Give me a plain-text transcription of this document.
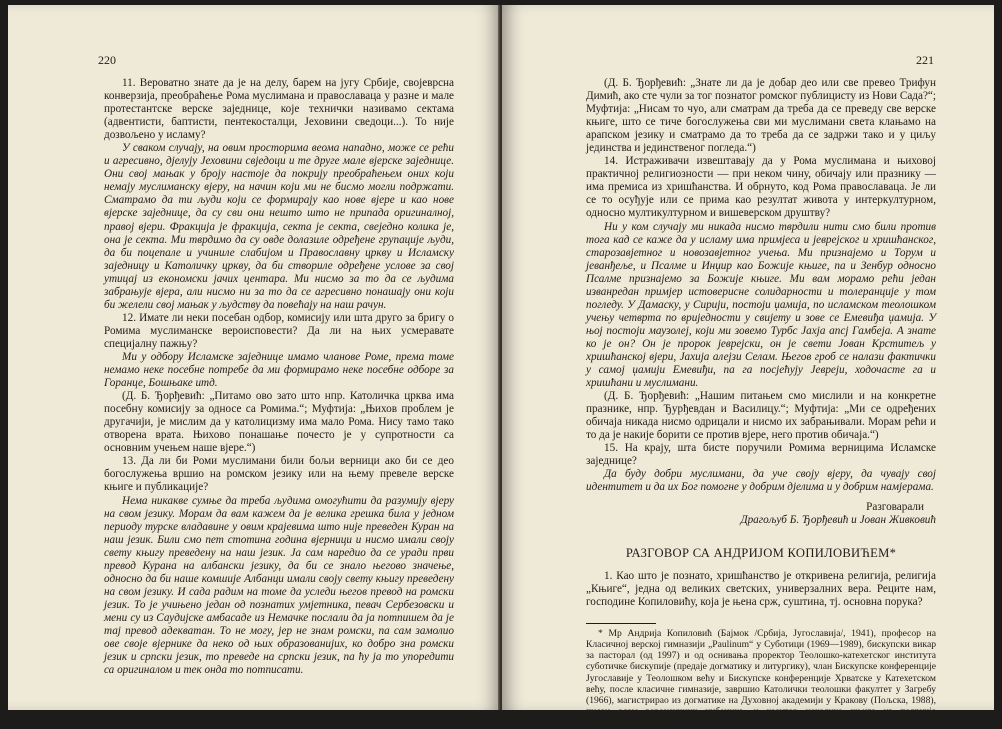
220

11. Вероватно знате да је на делу, барем на југу Србије, својеврсна конверзија, преобраћење Рома муслимана и православаца у разне и мале протестантске верске заједнице, које технички називамо сектама (адвентисти, баптисти, пентекосталци, Јеховини сведоци...). То није дозвољено у исламу?

У сваком случају, на овим просторима веома нападно, може се рећи и агресивно, дјелују Јеховини свједоци и те друге мале вјерске заједнице. Они свој мањак у броју настоје да покрију преобраћењем оних који немају муслиманску вјеру, на начин који ми не бисмо могли подржати. Сматрамо да ти људи који се формирају као нове вјере и као нове вјерске заједнице, да су сви они нешто што не припада оригиналној, правој вјери. Фракција је фракција, секта је секта, свеједно колика је, она је секта. Ми тврдимо да су овде долазиле одређене групације људи, да би поцепале и учиниле слабијом и Православну цркву и Исламску заједницу и Католичку цркву, да би створиле одређене услове за свој утицај из економски јачих центара. Ми нисмо за то да се људима забрањује вјера, али нисмо ни за то да се агресивно понашају они који би желели свој мањак у људству да повећају на наш рачун.

12. Имате ли неки посебан одбор, комисију или шта друго за бригу о Ромима муслиманске вероисповести? Да ли на њих усмеравате специјалну пажњу?

Ми у одбору Исламске заједнице имамо чланове Роме, према томе немамо неке посебне потребе да ми формирамо неке посебне одборе за Горанце, Бошњаке итд.

(Д. Б. Ђорђевић: „Питамо ово зато што нпр. Католичка црква има посебну комисију за односе са Ромима.“; Муфтија: „Њихов проблем је другачији, је мислим да у католицизму има мало Рома. Нису тамо тако отворена врата. Њихово понашање почесто је у супротности са основним учењем наше вјере.“)

13. Да ли би Роми муслимани били бољи верници ако би се део богослужења вршио на ромском језику или на њему превеле верске књиге и публикације?

Нема никакве сумње да треба људима омогућити да разумију вјеру на свом језику. Морам да вам кажем да је велика грешка била у једном периоду турске владавине у овим крајевима што није преведен Куран на наш језик. Били смо пет стотина година вјерници и нисмо имали своју свету књигу преведену на наш језик. Ја сам наредио да се уради први превод Курана на албански језику, да би се знало његово значење, односно да би наше комшије Албанци имали своју свету књигу преведену на свом језику. И сада радим на томе да уследи његов превод на ромски језик. То је учињено један од познатих умјетника, певач Сербезовски и мени су из Саудијске амбасаде из Немачке послали да ја потпишем да је тај превод адекватан. То не могу, јер не знам ромски, па сам замолио ове своје вјернике да неко од њих образованијих, ко добро зна ромски језик и српски језик, то преведе на српски језик, па ћу ја то упоредити са оригиналом и тек онда то потписати.

221

(Д. Б. Ђорђевић: „Знате ли да је добар део или све превео Трифун Димић, ако сте чули за тог познатог ромског публицисту из Нови Сада?“; Муфтија: „Нисам то чуо, али сматрам да треба да се преведу све верске књиге, што се тиче богослужења сви ми муслимани света клањамо на арапском језику и сматрамо да то треба да се задржи тако и у циљу јединства и јединственог погледа.“)

14. Истраживачи извештавају да у Рома муслимана и њиховој практичној религиозности — при неком чину, обичају или празнику — има премиса из хришћанства. И обрнуто, код Рома православаца. Је ли се то осуђује или се прима као резултат живота у интеркултурном, односно мултикултурном и вишеверском друштву?

Ни у ком случају ми никада нисмо тврдили нити смо били против тога кад се каже да у исламу има примјеса и јеврејског и хришћанског, старозавјетног и новозавјетног учења. Ми признајемо и Торум и јеванђеље, и Псалме и Инџир као Божије књиге, па и Зенбур односно Псалме признајемо за Божије књиге. Ми вам морамо рећи један изванредан примјер истоверисне солидарности и толеранције у том погледу. У Дамаску, у Сирији, постоји џамија, по исламском теолошком учењу четврта по вриједности у свијету и зове се Емевиђа џамија. У њој постоји маузолеј, који ми зовемо Турбс Јахја апсј Гамбеја. А знате ко је он? Он је пророк јеврејски, он је свети Јован Крститељ у хришћанској вјери, Јахија алејзи Селам. Његов гроб се налази фактички у самој џамији Емевиђи, па га посјећују Јевреји, ходочасте га и хришћани и муслимани.

(Д. Б. Ђорђевић: „Нашим питањем смо мислили и на конкретне празнике, нпр. Ђурђевдан и Василицу.“; Муфтија: „Ми се одређених обичаја никада нисмо одрицали и нисмо их забрањивали. Морам рећи и то да је накије борити се против вјере, него против обичаја.“)

15. На крају, шта бисте поручили Ромима верницима Исламске заједнице?

Да буду добри муслимани, да уче своју вјеру, да чувају свој идентитет и да их Бог помогне у добрим дјелима и у добрим намјерама.

Разговарали

Драгољуб Б. Ђорђевић и Јован Живковић

РАЗГОВОР СА АНДРИЈОМ КОПИЛОВИЋЕМ*

1. Као што је познато, хришћанство је откривена религија, религија „Књиге“, једна од великих светских, универзалних вера. Реците нам, господине Копиловићу, која је њена срж, суштина, тј. основна порука?

* Мр Андрија Копиловић (Бајмок /Србија, Југославија/, 1941), професор на Класичној верској гимназији „Paulinum“ у Суботици (1969—1989), бискупски викар за пасторал (од 1997) и од оснивања проректор Теолошко-катехетског института суботичке бискупије (предаје догматику и литургику), члан Бискупске конференције Југославије у Теолошком већу и Бискупске конференције Хрватске у Катехетском већу, после класичне гимназије, завршио Католички теолошки факултет у Загребу (1966), магистрирао из догматике на Духовној академији у Кракову (Пољска, 1988), писац осам веронаучних уџбеника, и коаутор неколико књига из подручја психологије религије.
